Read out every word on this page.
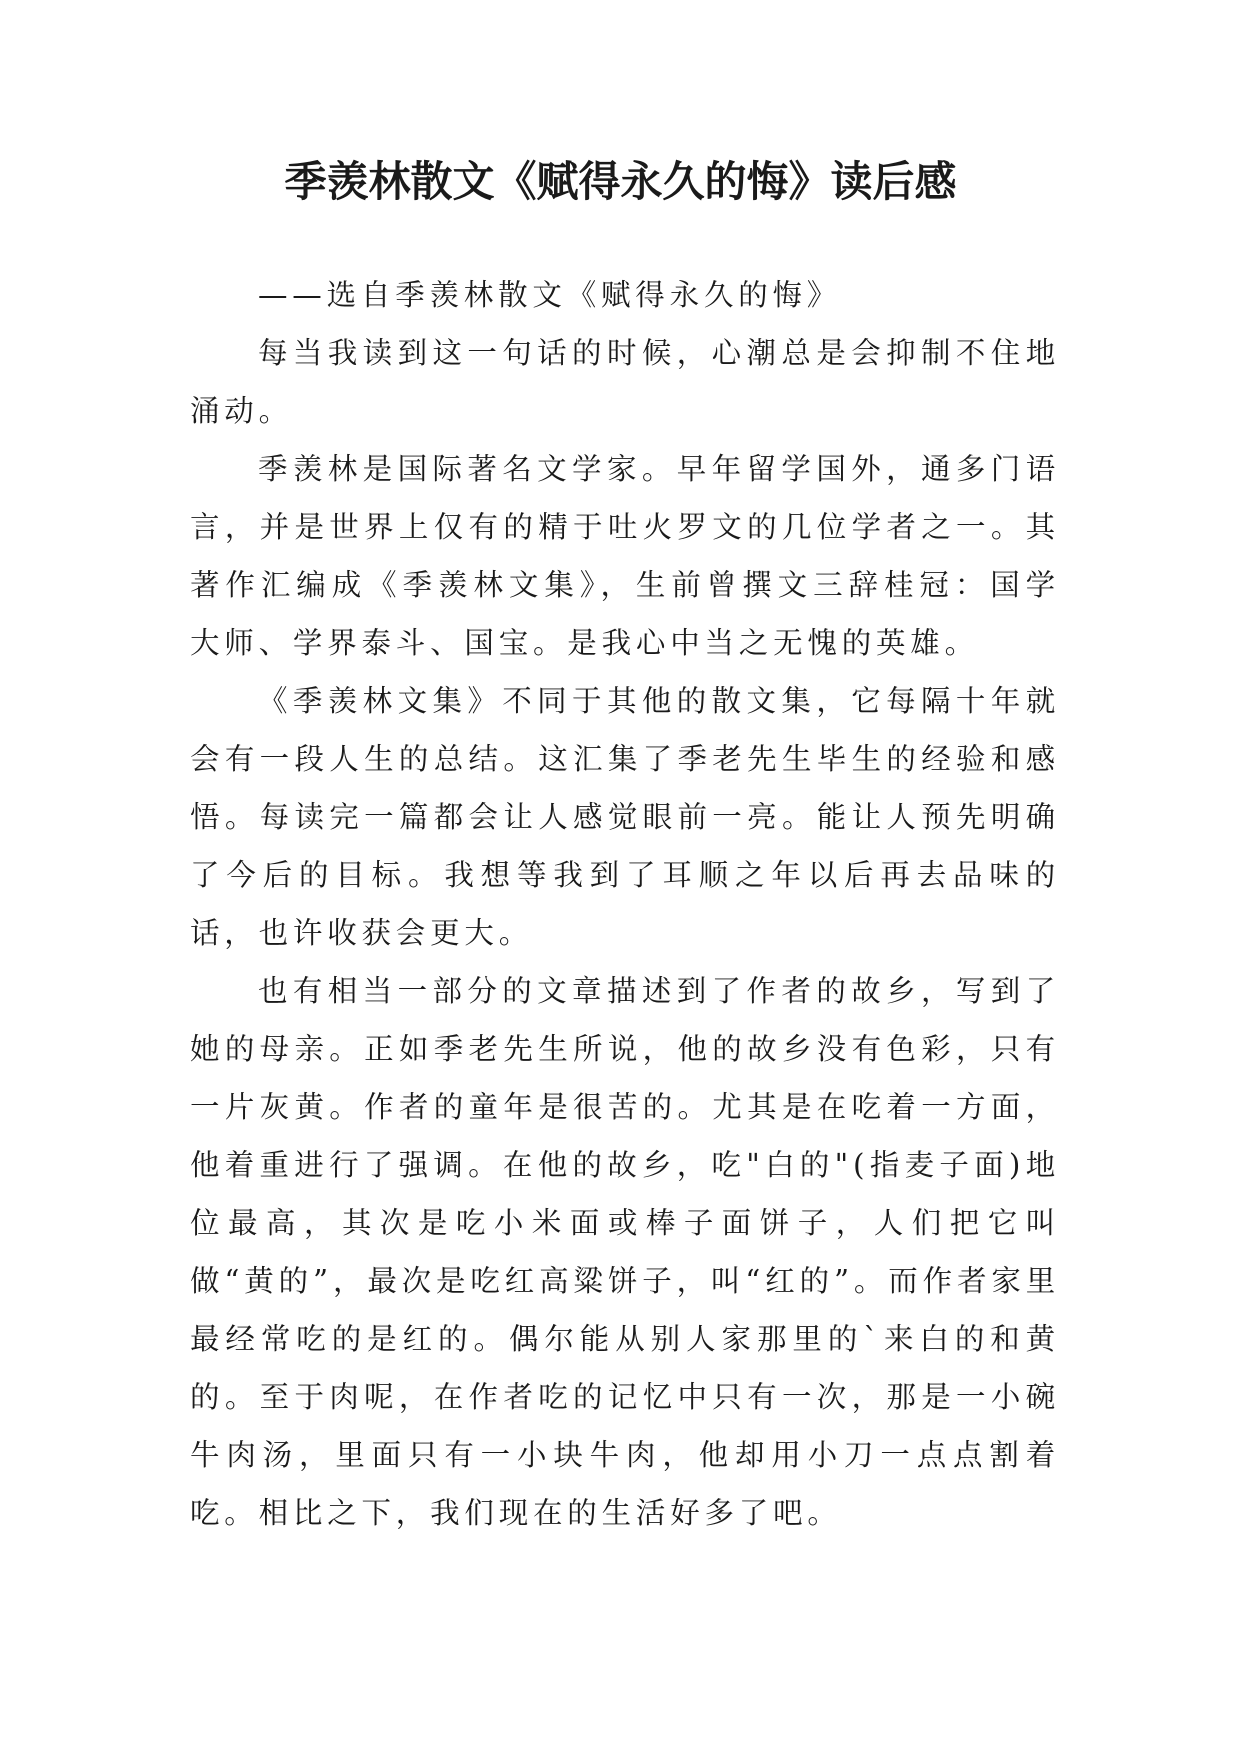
季羡林散文《赋得永久的悔》读后感

——选自季羡林散文《赋得永久的悔》

每当我读到这一句话的时候，心潮总是会抑制不住地涌动。

季羡林是国际著名文学家。早年留学国外，通多门语言，并是世界上仅有的精于吐火罗文的几位学者之一。其著作汇编成《季羡林文集》，生前曾撰文三辞桂冠：国学大师、学界泰斗、国宝。是我心中当之无愧的英雄。

《季羡林文集》不同于其他的散文集，它每隔十年就会有一段人生的总结。这汇集了季老先生毕生的经验和感悟。每读完一篇都会让人感觉眼前一亮。能让人预先明确了今后的目标。我想等我到了耳顺之年以后再去品味的话，也许收获会更大。

也有相当一部分的文章描述到了作者的故乡，写到了她的母亲。正如季老先生所说，他的故乡没有色彩，只有一片灰黄。作者的童年是很苦的。尤其是在吃着一方面，他着重进行了强调。在他的故乡，吃"白的"(指麦子面)地位最高，其次是吃小米面或棒子面饼子，人们把它叫做“黄的”，最次是吃红高粱饼子，叫“红的”。而作者家里最经常吃的是红的。偶尔能从别人家那里的`来白的和黄的。至于肉呢，在作者吃的记忆中只有一次，那是一小碗牛肉汤，里面只有一小块牛肉，他却用小刀一点点割着吃。相比之下，我们现在的生活好多了吧。
